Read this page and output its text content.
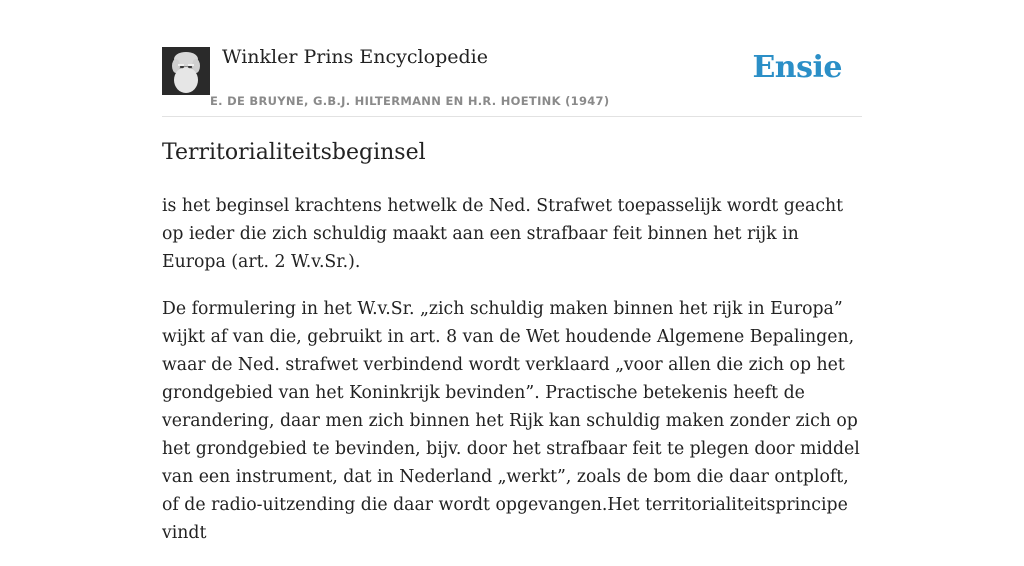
Winkler Prins Encyclopedie
E. DE BRUYNE, G.B.J. HILTERMANN EN H.R. HOETINK (1947)
Ensie
Territorialiteitsbeginsel

is het beginsel krachtens hetwelk de Ned. Strafwet toepasselijk wordt geacht op ieder die zich schuldig maakt aan een strafbaar feit binnen het rijk in Europa (art. 2 W.v.Sr.).

De formulering in het W.v.Sr. „zich schuldig maken binnen het rijk in Europa” wijkt af van die, gebruikt in art. 8 van de Wet houdende Algemene Bepalingen, waar de Ned. strafwet verbindend wordt verklaard „voor allen die zich op het grondgebied van het Koninkrijk bevinden”. Practische betekenis heeft de verandering, daar men zich binnen het Rijk kan schuldig maken zonder zich op het grondgebied te bevinden, bijv. door het strafbaar feit te plegen door middel van een instrument, dat in Nederland „werkt”, zoals de bom die daar ontploft, of de radio-uitzending die daar wordt opgevangen.Het territorialiteitsprincipe vindt
